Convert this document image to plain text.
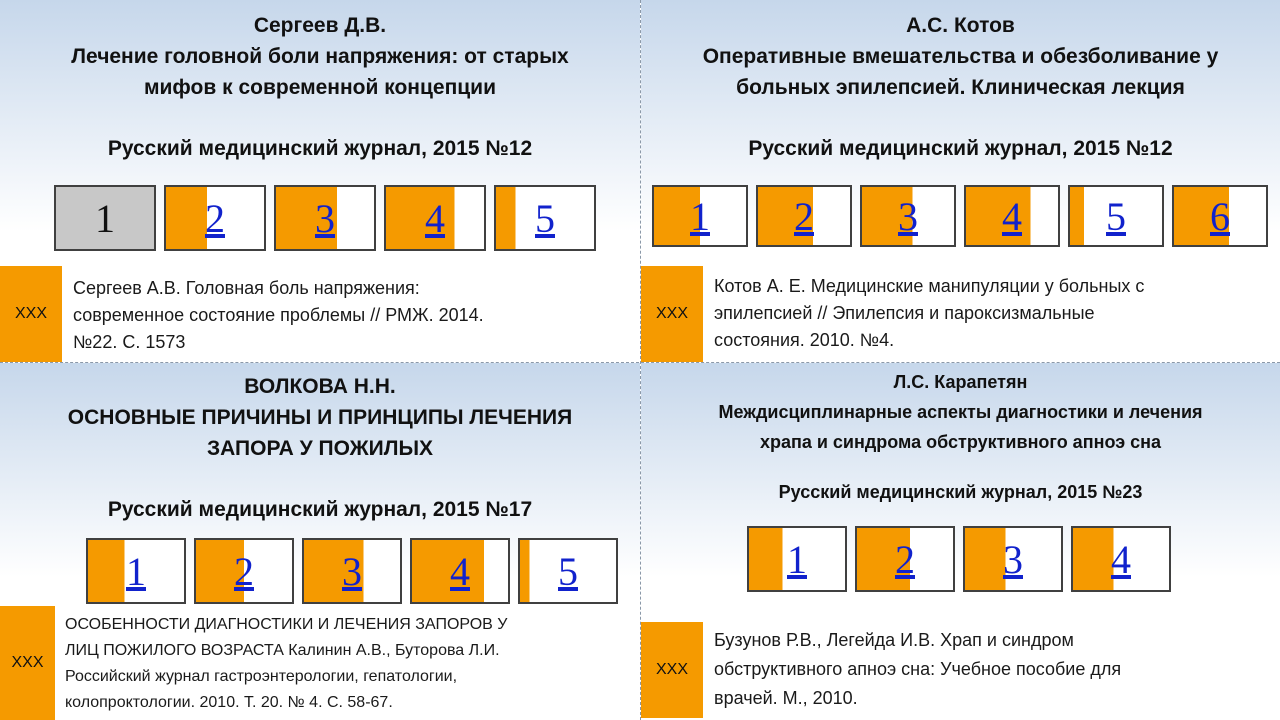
Сергеев Д.В.
Лечение головной боли напряжения: от старых
мифов к современной концепции
Русский медицинский журнал, 2015 №12
1 2 3 4 5
XXX
Сергеев А.В. Головная боль напряжения:
современное состояние проблемы // РМЖ. 2014.
№22. С. 1573
А.С. Котов
Оперативные вмешательства и обезболивание у
больных эпилепсией. Клиническая лекция
Русский медицинский журнал, 2015 №12
1 2 3 4 5 6
XXX
Котов А. Е. Медицинские манипуляции у больных с
эпилепсией // Эпилепсия и пароксизмальные
состояния. 2010. №4.
ВОЛКОВА Н.Н.
ОСНОВНЫЕ ПРИЧИНЫ И ПРИНЦИПЫ ЛЕЧЕНИЯ
ЗАПОРА У ПОЖИЛЫХ
Русский медицинский журнал, 2015 №17
1 2 3 4 5
XXX
ОСОБЕННОСТИ ДИАГНОСТИКИ И ЛЕЧЕНИЯ ЗАПОРОВ У
ЛИЦ ПОЖИЛОГО ВОЗРАСТА Калинин А.В., Буторова Л.И.
Российский журнал гастроэнтерологии, гепатологии,
колопроктологии. 2010. Т. 20. № 4. С. 58-67.
Л.С. Карапетян
Междисциплинарные аспекты диагностики и лечения
храпа и синдрома обструктивного апноэ сна
Русский медицинский журнал, 2015 №23
1 2 3 4
XXX
Бузунов Р.В., Легейда И.В. Храп и синдром
обструктивного апноэ сна: Учебное пособие для
врачей. М., 2010.
